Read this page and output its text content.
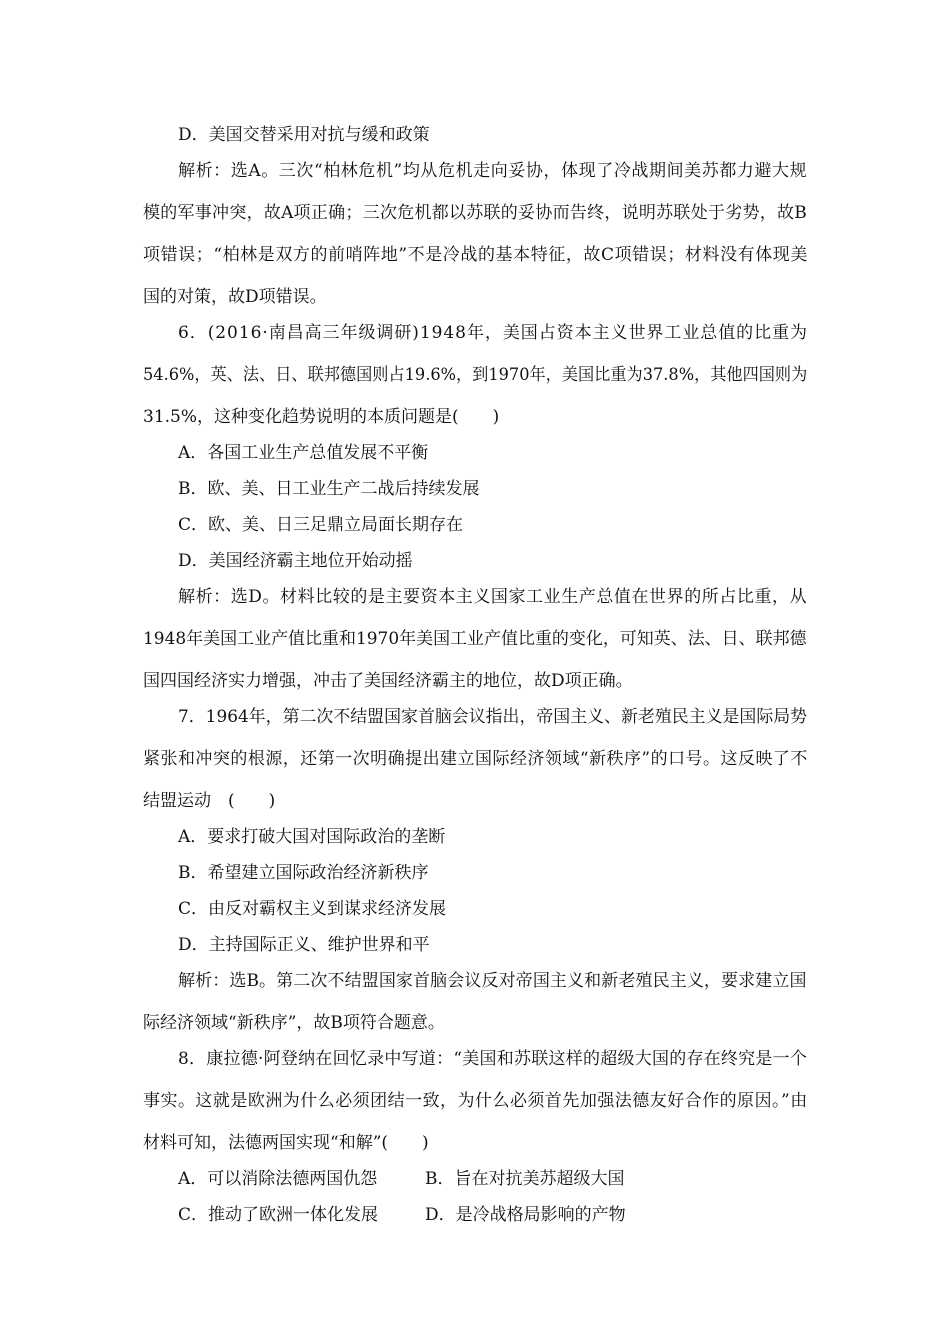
D．美国交替采用对抗与缓和政策
解析：选A。三次“柏林危机”均从危机走向妥协，体现了冷战期间美苏都力避大规
模的军事冲突，故A项正确；三次危机都以苏联的妥协而告终，说明苏联处于劣势，故B
项错误；“柏林是双方的前哨阵地”不是冷战的基本特征，故C项错误；材料没有体现美
国的对策，故D项错误。
6．(2016·南昌高三年级调研)1948年，美国占资本主义世界工业总值的比重为
54.6%，英、法、日、联邦德国则占19.6%，到1970年，美国比重为37.8%，其他四国则为
31.5%，这种变化趋势说明的本质问题是(　　)
A．各国工业生产总值发展不平衡
B．欧、美、日工业生产二战后持续发展
C．欧、美、日三足鼎立局面长期存在
D．美国经济霸主地位开始动摇
解析：选D。材料比较的是主要资本主义国家工业生产总值在世界的所占比重，从
1948年美国工业产值比重和1970年美国工业产值比重的变化，可知英、法、日、联邦德
国四国经济实力增强，冲击了美国经济霸主的地位，故D项正确。
7．1964年，第二次不结盟国家首脑会议指出，帝国主义、新老殖民主义是国际局势
紧张和冲突的根源，还第一次明确提出建立国际经济领域“新秩序”的口号。这反映了不
结盟运动　(　　)
A．要求打破大国对国际政治的垄断
B．希望建立国际政治经济新秩序
C．由反对霸权主义到谋求经济发展
D．主持国际正义、维护世界和平
解析：选B。第二次不结盟国家首脑会议反对帝国主义和新老殖民主义，要求建立国
际经济领域“新秩序”，故B项符合题意。
8．康拉德·阿登纳在回忆录中写道：“美国和苏联这样的超级大国的存在终究是一个
事实。这就是欧洲为什么必须团结一致，为什么必须首先加强法德友好合作的原因。”由
材料可知，法德两国实现“和解”(　　)
A．可以消除法德两国仇怨	B．旨在对抗美苏超级大国
C．推动了欧洲一体化发展	D．是冷战格局影响的产物
